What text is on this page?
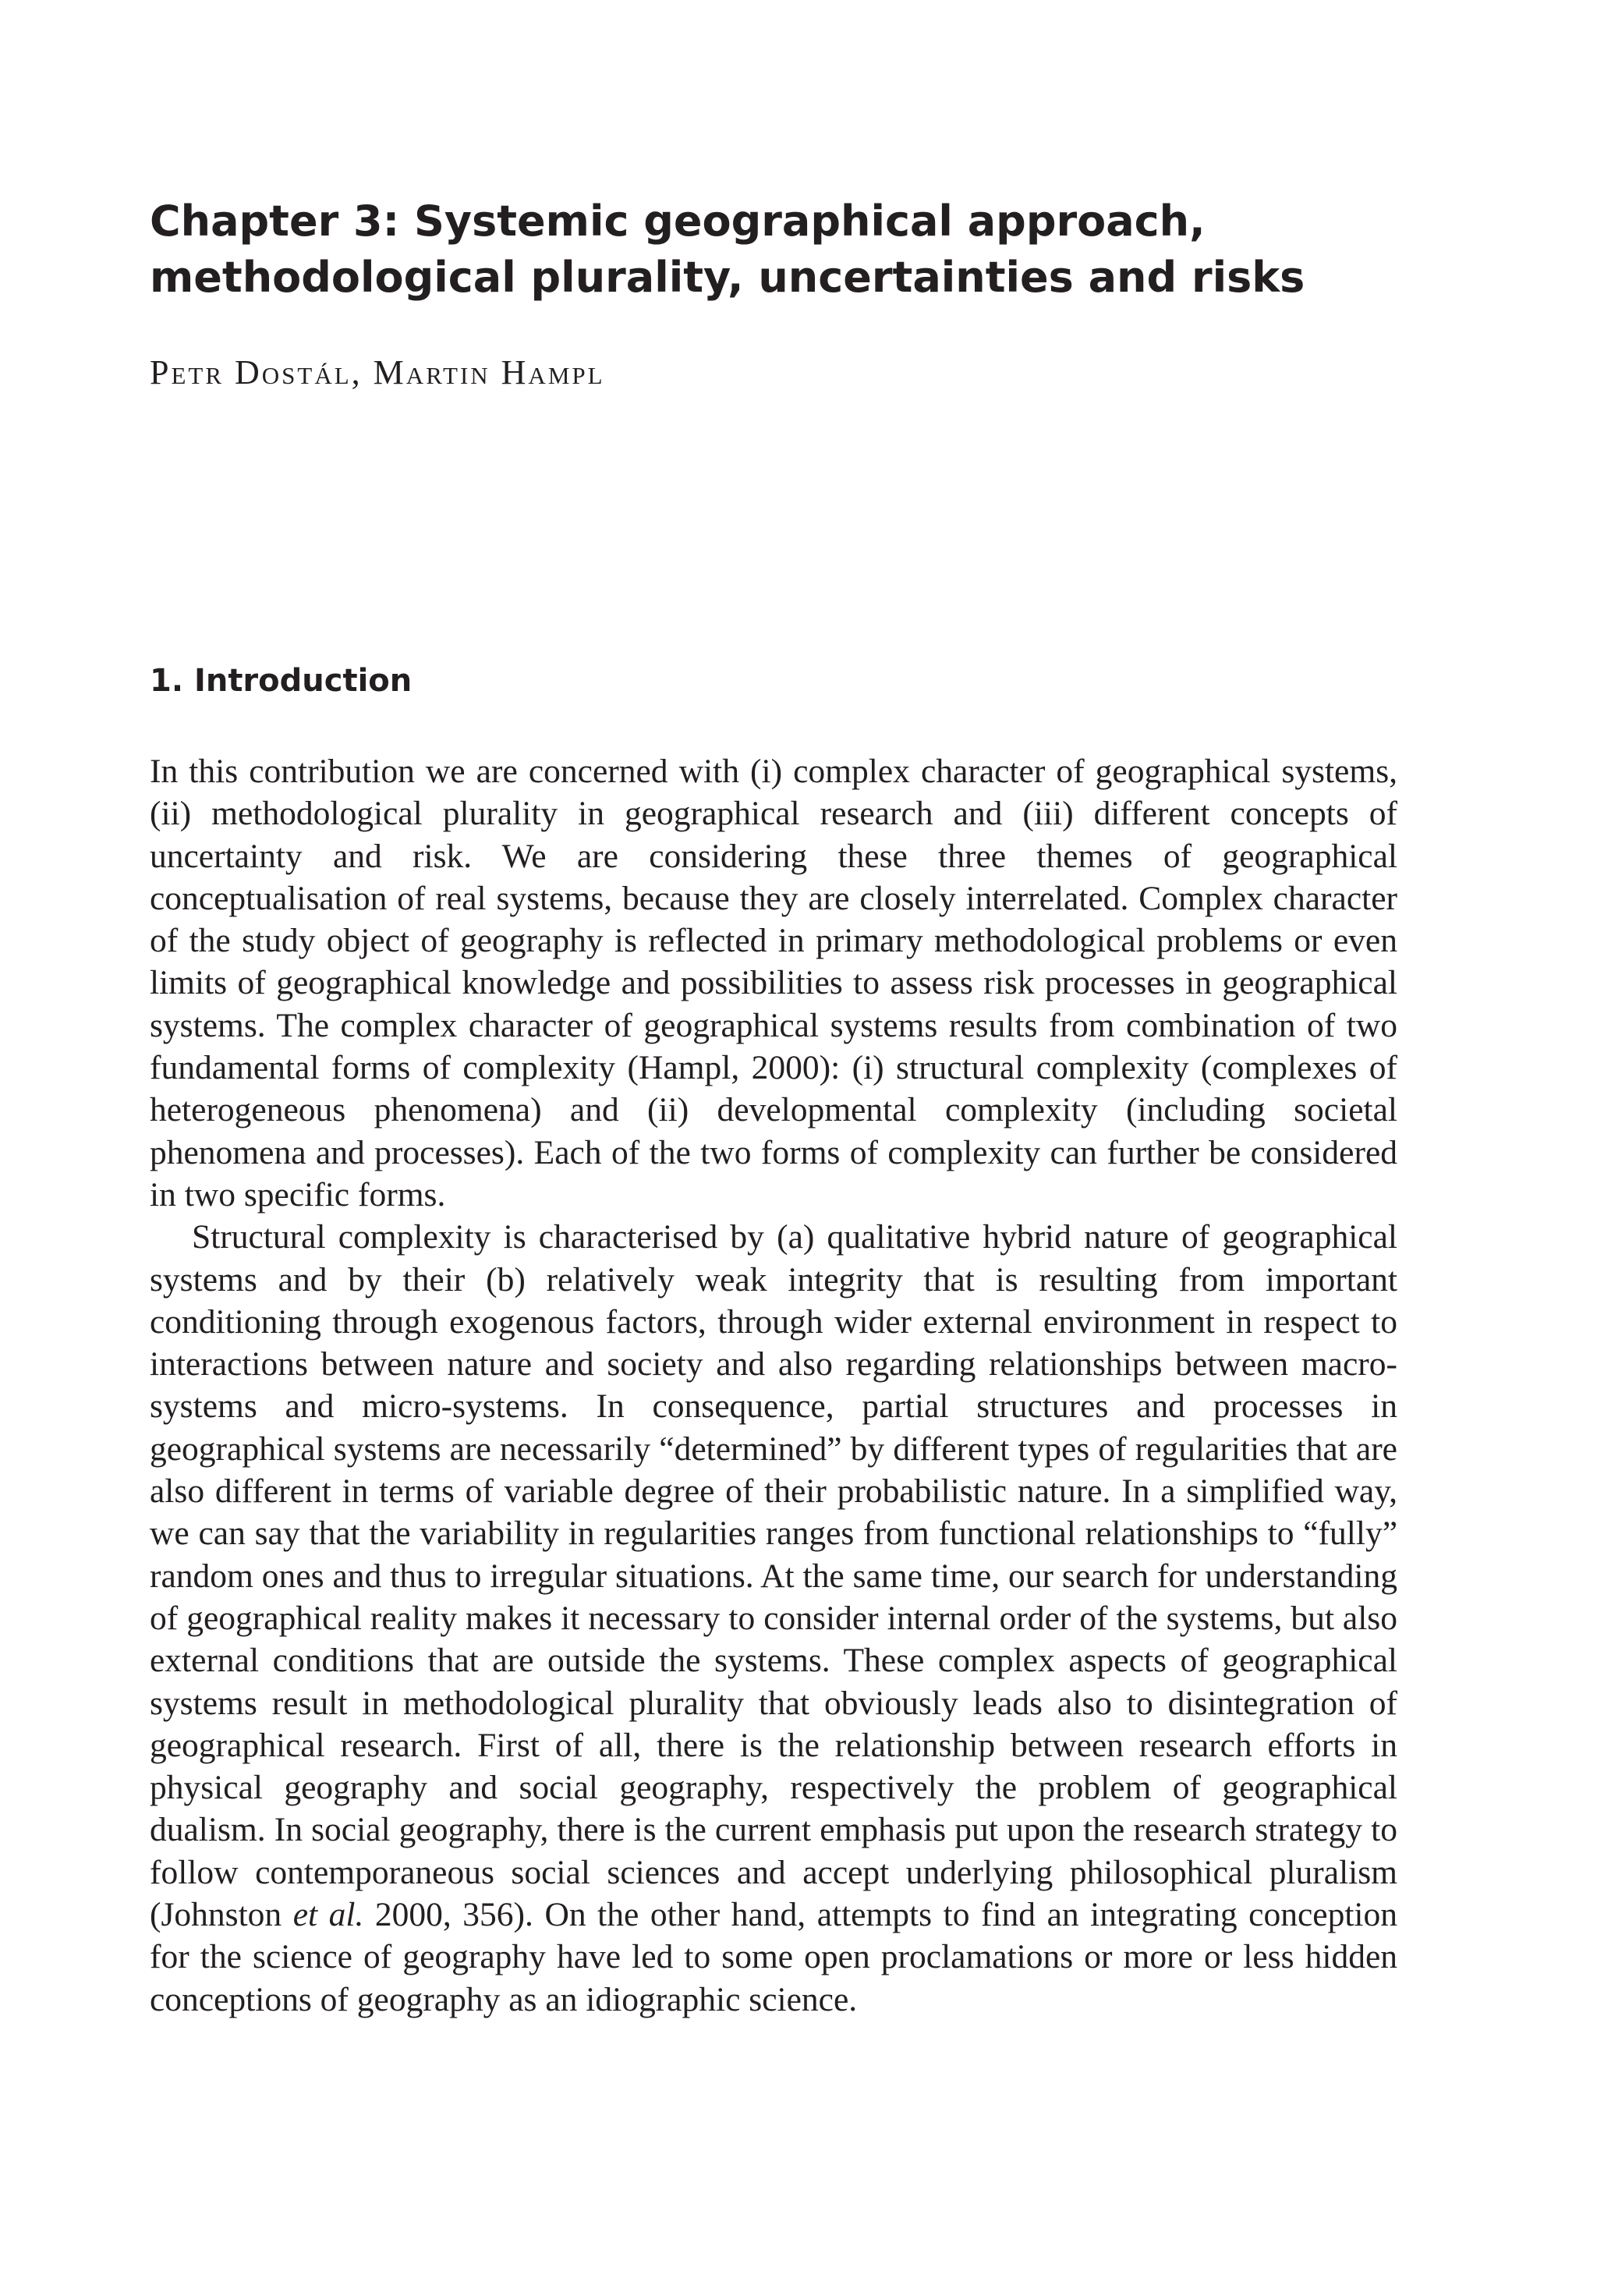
Chapter 3: Systemic geographical approach,
methodological plurality, uncertainties and risks

Petr Dostál, Martin Hampl

1. Introduction

In this contribution we are concerned with (i) complex character of geographical systems, (ii) methodological plurality in geographical research and (iii) different concepts of uncertainty and risk. We are considering these three themes of geographical conceptualisation of real systems, because they are closely interrelated. Complex character of the study object of geography is reflected in primary methodological problems or even limits of geographical knowledge and possibilities to assess risk processes in geographical systems. The complex character of geographical systems results from combination of two fundamental forms of complexity (Hampl, 2000): (i) structural complexity (complexes of heterogeneous phenomena) and (ii) developmental complexity (including societal phenomena and processes). Each of the two forms of complexity can further be considered in two specific forms.

Structural complexity is characterised by (a) qualitative hybrid nature of geographical systems and by their (b) relatively weak integrity that is resulting from important conditioning through exogenous factors, through wider external environment in respect to interactions between nature and society and also regarding relationships between macro-systems and micro-systems. In consequence, partial structures and processes in geographical systems are necessarily “determined” by different types of regularities that are also different in terms of variable degree of their probabilistic nature. In a simplified way, we can say that the variability in regularities ranges from functional relationships to “fully” random ones and thus to irregular situations. At the same time, our search for understanding of geographical reality makes it necessary to consider internal order of the systems, but also external conditions that are outside the systems. These complex aspects of geographical systems result in methodological plurality that obviously leads also to disintegration of geographical research. First of all, there is the relationship between research efforts in physical geography and social geography, respectively the problem of geographical dualism. In social geography, there is the current emphasis put upon the research strategy to follow contemporaneous social sciences and accept underlying philosophical pluralism (Johnston et al. 2000, 356). On the other hand, attempts to find an integrating conception for the science of geography have led to some open proclamations or more or less hidden conceptions of geography as an idiographic science.
